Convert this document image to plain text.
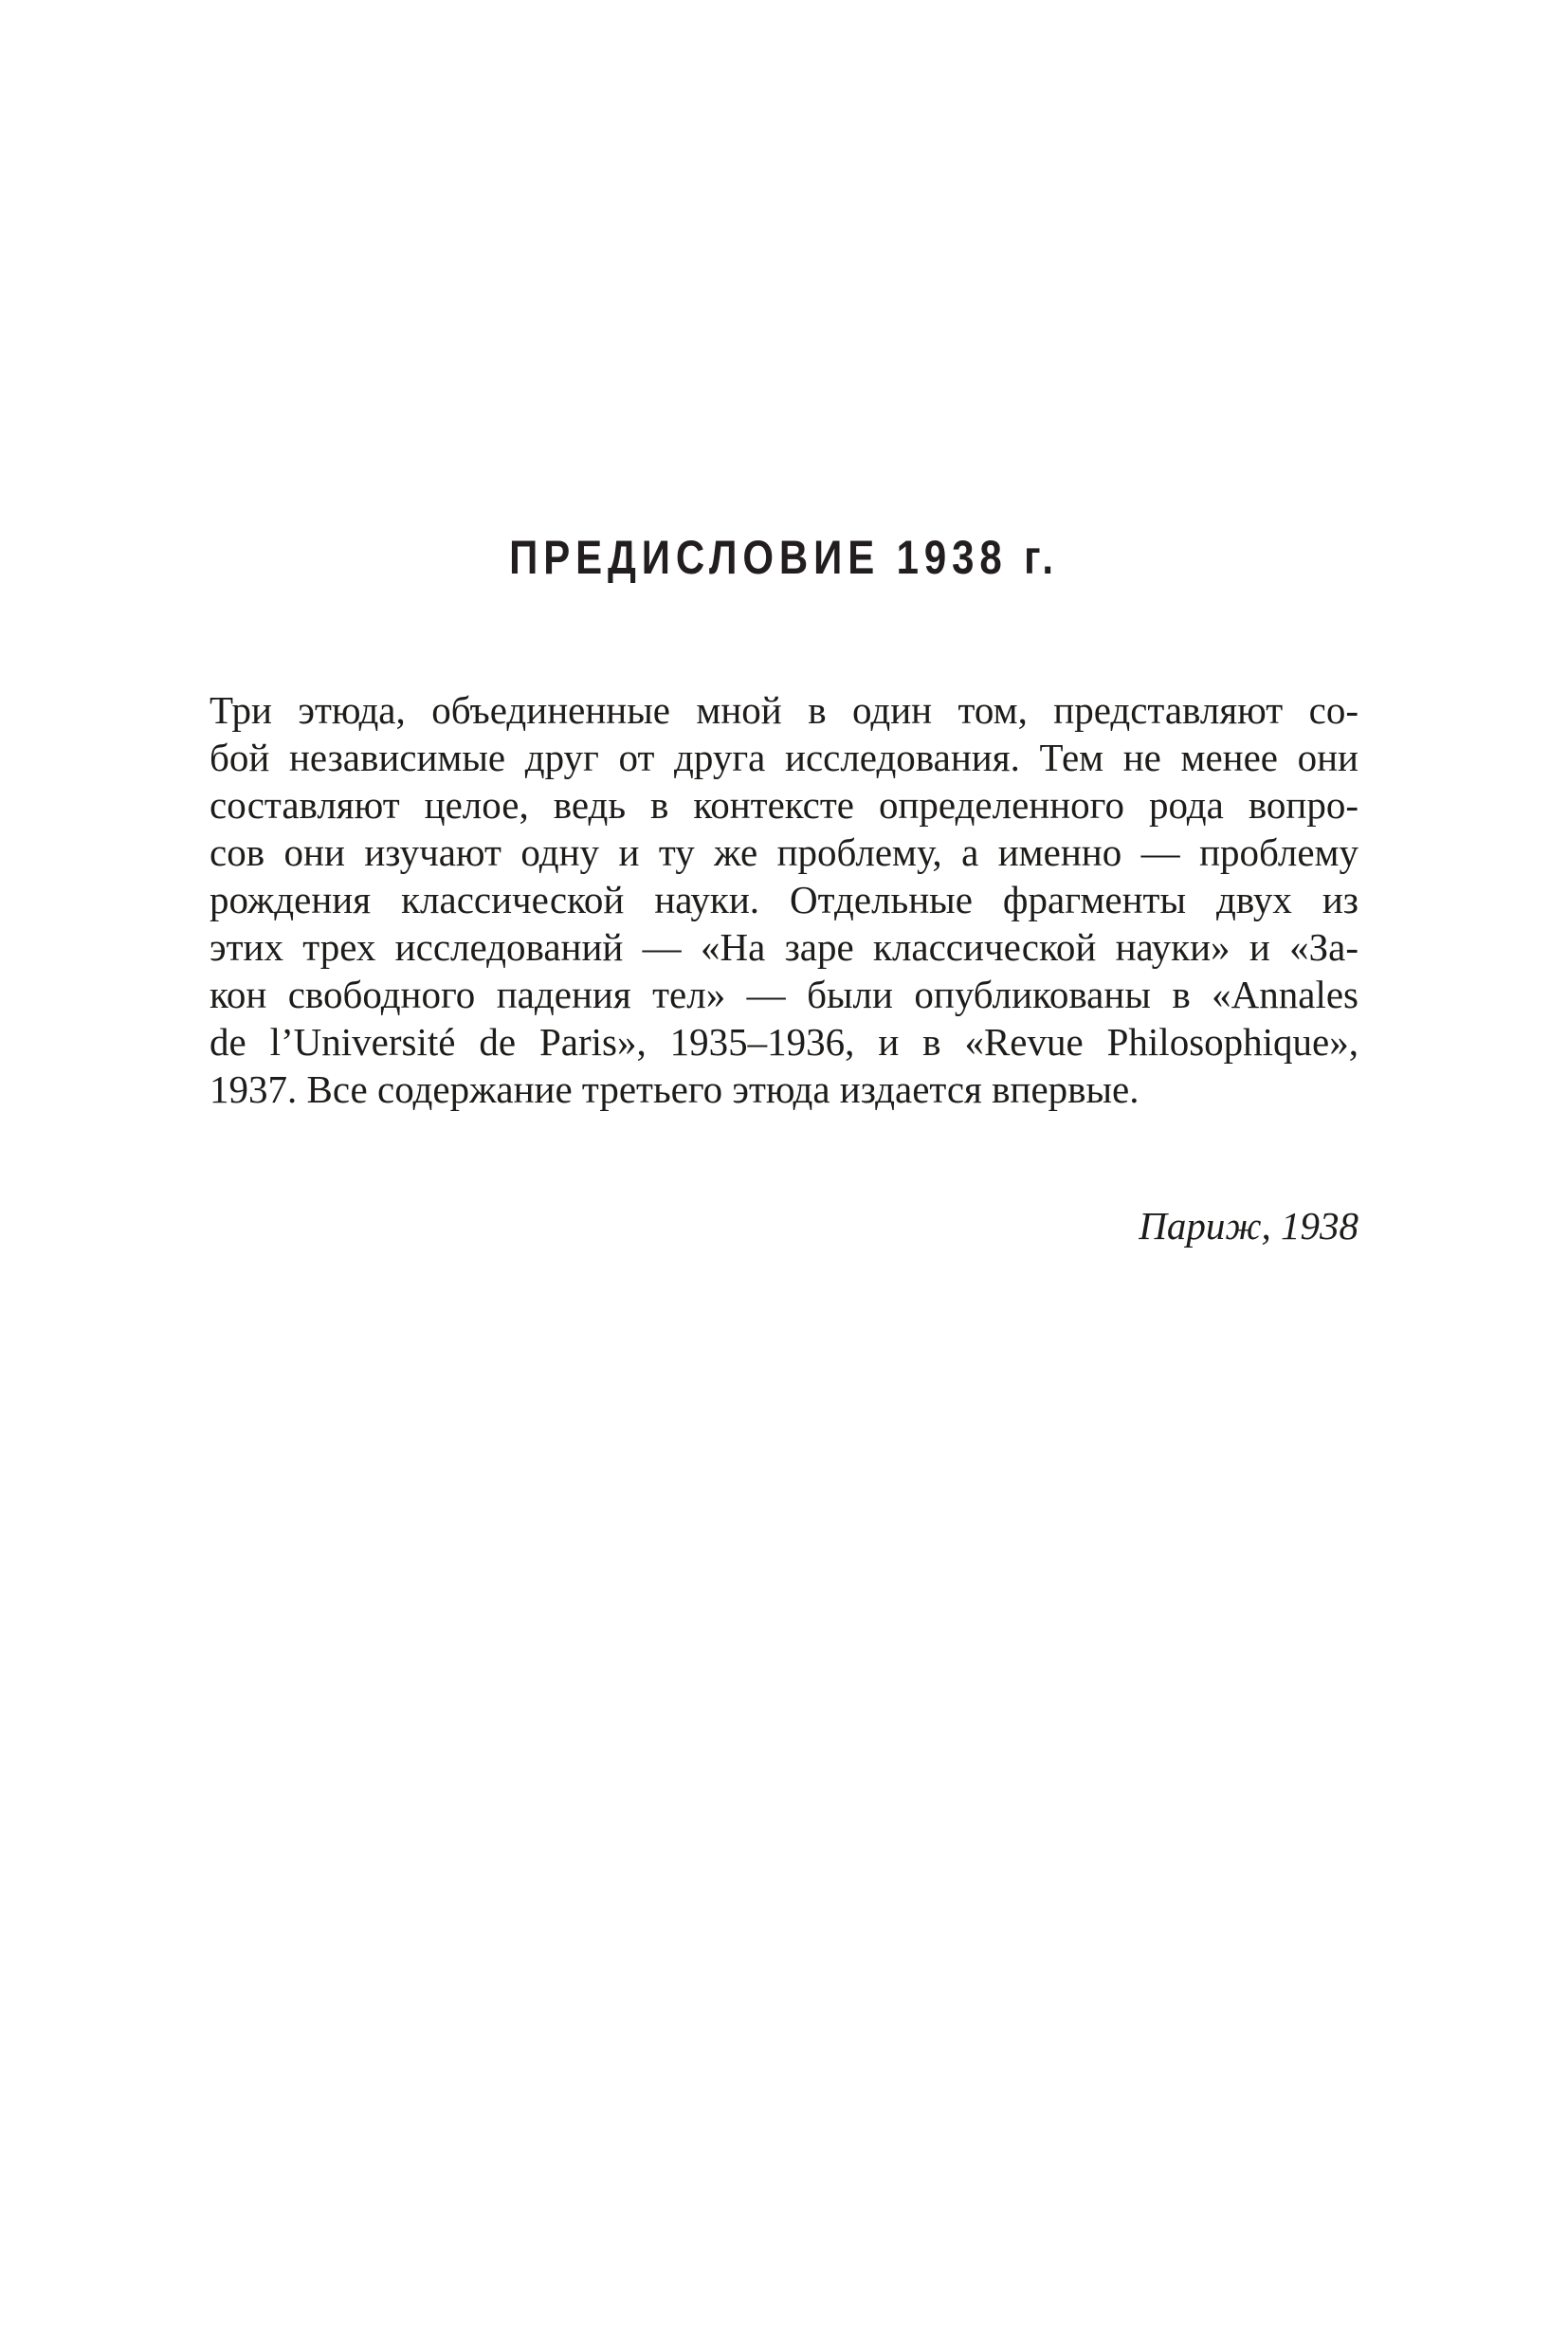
ПРЕДИСЛОВИЕ 1938 г.
Три этюда, объединенные мной в один том, представляют со-
бой независимые друг от друга исследования. Тем не менее они
составляют целое, ведь в контексте определенного рода вопро-
сов они изучают одну и ту же проблему, а именно — проблему
рождения классической науки. Отдельные фрагменты двух из
этих трех исследований — «На заре классической науки» и «За-
кон свободного падения тел» — были опубликованы в «Annales
de l’Université de Paris», 1935–1936, и в «Revue Philosophique»,
1937. Все содержание третьего этюда издается впервые.
Париж, 1938
